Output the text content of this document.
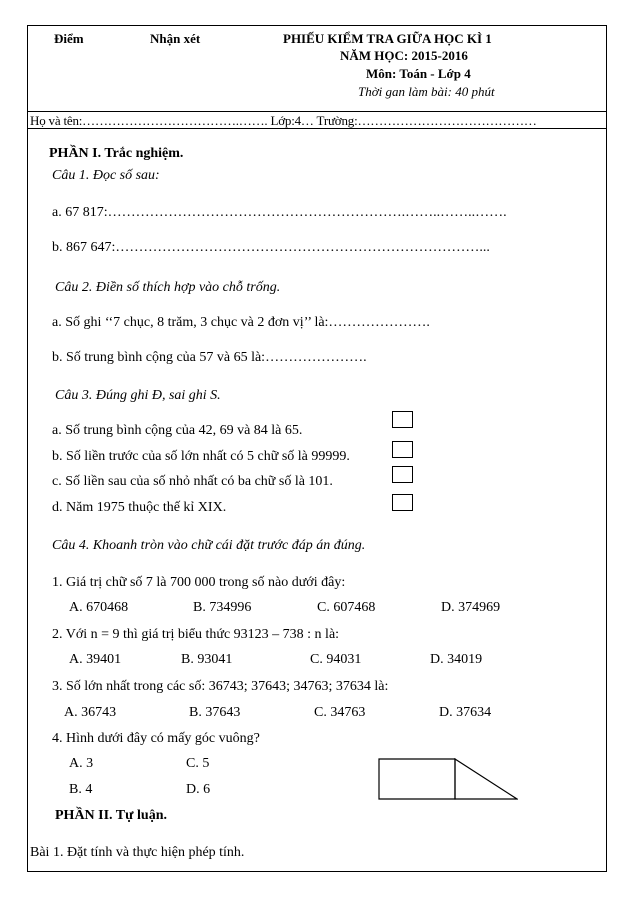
Điểm	Nhận xét	PHIẾU KIỂM TRA GIỮA HỌC KÌ 1
NĂM HỌC: 2015-2016
Môn: Toán - Lớp 4
Thời gan làm bài: 40 phút
Họ và tên:……………………………….……. Lớp:4… Trường:……………………………………
PHẦN I. Trắc nghiệm.
Câu 1. Đọc số sau:
a. 67 817:……………………………………………………….……..……..…….
b. 867 647:……………………………………………………………………...
Câu 2. Điền số thích hợp vào chỗ trống.
a. Số ghi ‘‘7 chục, 8 trăm, 3 chục và 2 đơn vị’’ là:………………….
b. Số trung bình cộng của 57 và 65 là:………………….
Câu 3. Đúng ghi Đ, sai ghi S.
a. Số trung bình cộng của 42, 69 và 84 là 65.
b. Số liền trước của số lớn nhất có 5 chữ số là 99999.
c. Số liền sau của số nhỏ nhất có ba chữ số là 101.
d. Năm 1975 thuộc thế kỉ XIX.
Câu 4. Khoanh tròn vào chữ cái đặt trước đáp án đúng.
1. Giá trị chữ số 7 là 700 000 trong số nào dưới đây:
A. 670468	B. 734996	C. 607468	D. 374969
2. Với n = 9 thì giá trị biểu thức 93123 – 738 : n là:
A. 39401	B. 93041	C. 94031	D. 34019
3. Số lớn nhất trong các số: 36743; 37643; 34763; 37634 là:
A. 36743	B. 37643	C. 34763	D. 37634
4. Hình dưới đây có mấy góc vuông?
A. 3	C. 5
B. 4	D. 6
PHẦN II. Tự luận.
Bài 1. Đặt tính và thực hiện phép tính.
